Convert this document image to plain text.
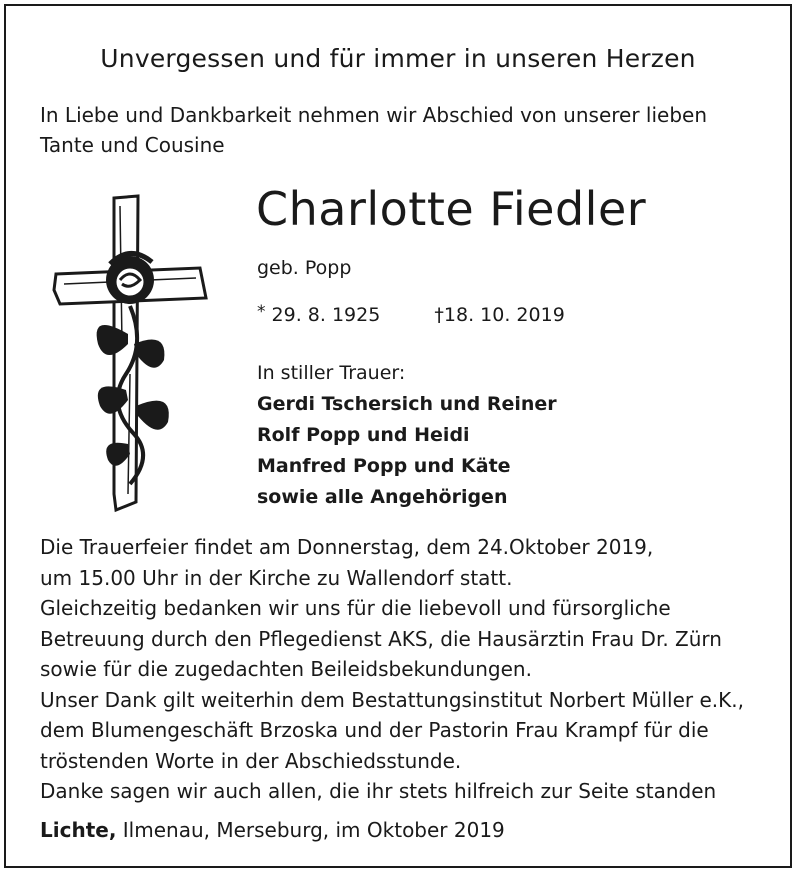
Unvergessen und für immer in unseren Herzen
In Liebe und Dankbarkeit nehmen wir Abschied von unserer lieben
Tante und Cousine
Charlotte Fiedler
geb. Popp
* 29. 8. 1925	†18. 10. 2019
In stiller Trauer:
Gerdi Tschersich und Reiner
Rolf Popp und Heidi
Manfred Popp und Käte
sowie alle Angehörigen
Die Trauerfeier findet am Donnerstag, dem 24.Oktober 2019,
um 15.00 Uhr in der Kirche zu Wallendorf statt.
Gleichzeitig bedanken wir uns für die liebevoll und fürsorgliche
Betreuung durch den Pflegedienst AKS, die Hausärztin Frau Dr. Zürn
sowie für die zugedachten Beileidsbekundungen.
Unser Dank gilt weiterhin dem Bestattungsinstitut Norbert Müller e.K.,
dem Blumengeschäft Brzoska und der Pastorin Frau Krampf für die
tröstenden Worte in der Abschiedsstunde.
Danke sagen wir auch allen, die ihr stets hilfreich zur Seite standen
Lichte, Ilmenau, Merseburg, im Oktober 2019
